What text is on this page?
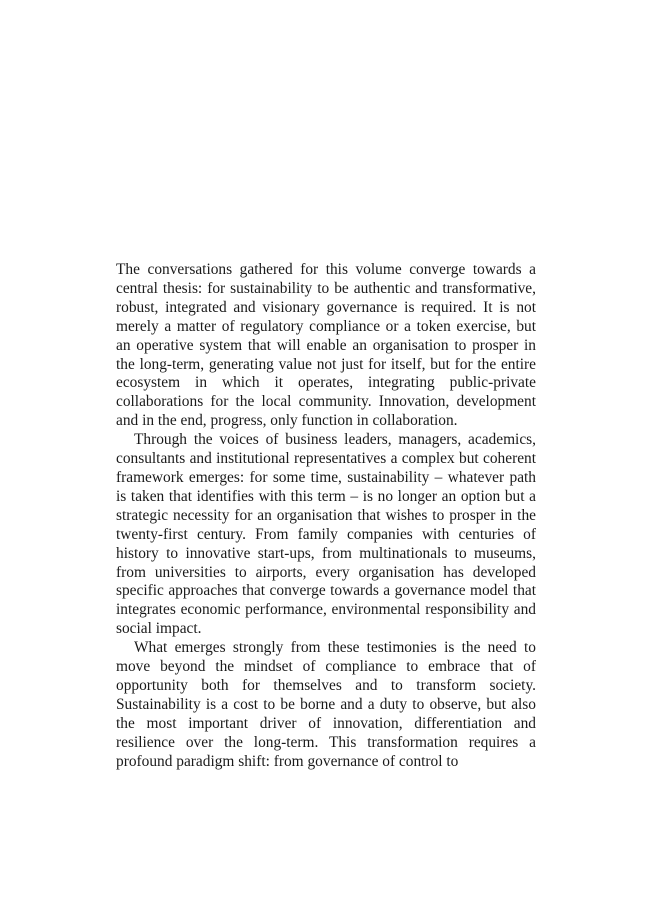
The conversations gathered for this volume converge towards a central thesis: for sustainability to be authentic and transformative, robust, integrated and visionary governance is required. It is not merely a matter of regulatory compliance or a token exercise, but an operative system that will enable an organisation to prosper in the long-term, generating value not just for itself, but for the entire ecosystem in which it operates, integrating public-private collaborations for the local community. Innovation, development and in the end, progress, only function in collaboration.

Through the voices of business leaders, managers, academics, consultants and institutional representatives a complex but coherent framework emerges: for some time, sustainability – whatever path is taken that identifies with this term – is no longer an option but a strategic necessity for an organisation that wishes to prosper in the twenty-first century. From family companies with centuries of history to innovative start-ups, from multinationals to museums, from universities to airports, every organisation has developed specific approaches that converge towards a governance model that integrates economic performance, environmental responsibility and social impact.

What emerges strongly from these testimonies is the need to move beyond the mindset of compliance to embrace that of opportunity both for themselves and to transform society. Sustainability is a cost to be borne and a duty to observe, but also the most important driver of innovation, differentiation and resilience over the long-term. This transformation requires a profound paradigm shift: from governance of control to
